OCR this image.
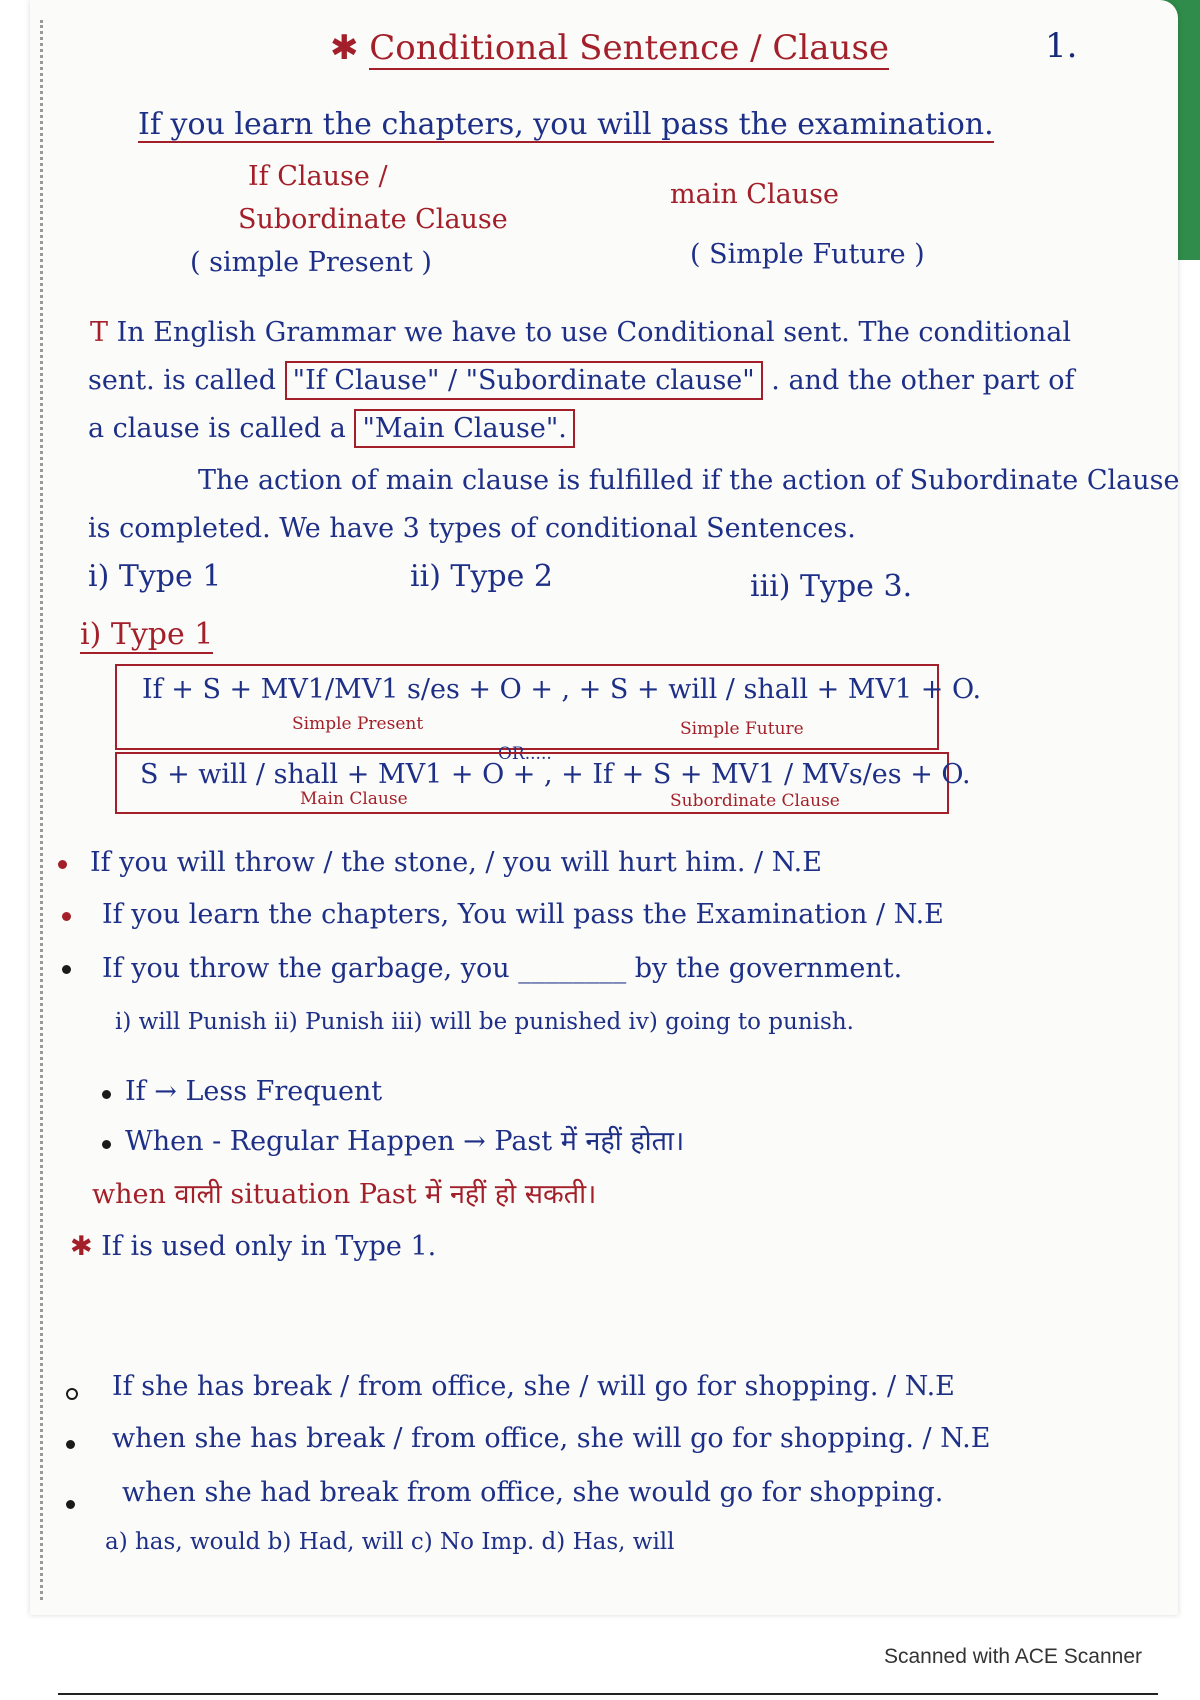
1.
✱ Conditional Sentence / Clause
If you learn the chapters, you will pass the examination.
If Clause /
Subordinate Clause
( simple Present )
main Clause
( Simple Future )
T In English Grammar we have to use Conditional sent. The conditional
sent. is called "If Clause" / "Subordinate clause" . and the other part of
a clause is called a "Main Clause".
The action of main clause is fulfilled if the action of Subordinate Clause
is completed. We have 3 types of conditional Sentences.
i) Type 1	ii) Type 2	iii) Type 3.
i) Type 1
If + S + MV1/MV1 s/es + O + , + S + will / shall + MV1 + O.
Simple Present	Simple Future
OR.....
S + will / shall + MV1 + O + , + If + S + MV1 / MVs/es + O.
Main Clause	Subordinate Clause
If you will throw / the stone, / you will hurt him. / N.E
If you learn the chapters, You will pass the Examination / N.E
If you throw the garbage, you ________ by the government.
i) will Punish ii) Punish iii) will be punished iv) going to punish.
If → Less Frequent
When - Regular Happen → Past में नहीं होता।
when वाली situation Past में नहीं हो सकती।
✱ If is used only in Type 1.
If she has break / from office, she / will go for shopping. / N.E
when she has break / from office, she will go for shopping. / N.E
when she had break from office, she would go for shopping.
a) has, would b) Had, will c) No Imp. d) Has, will
Scanned with ACE Scanner
